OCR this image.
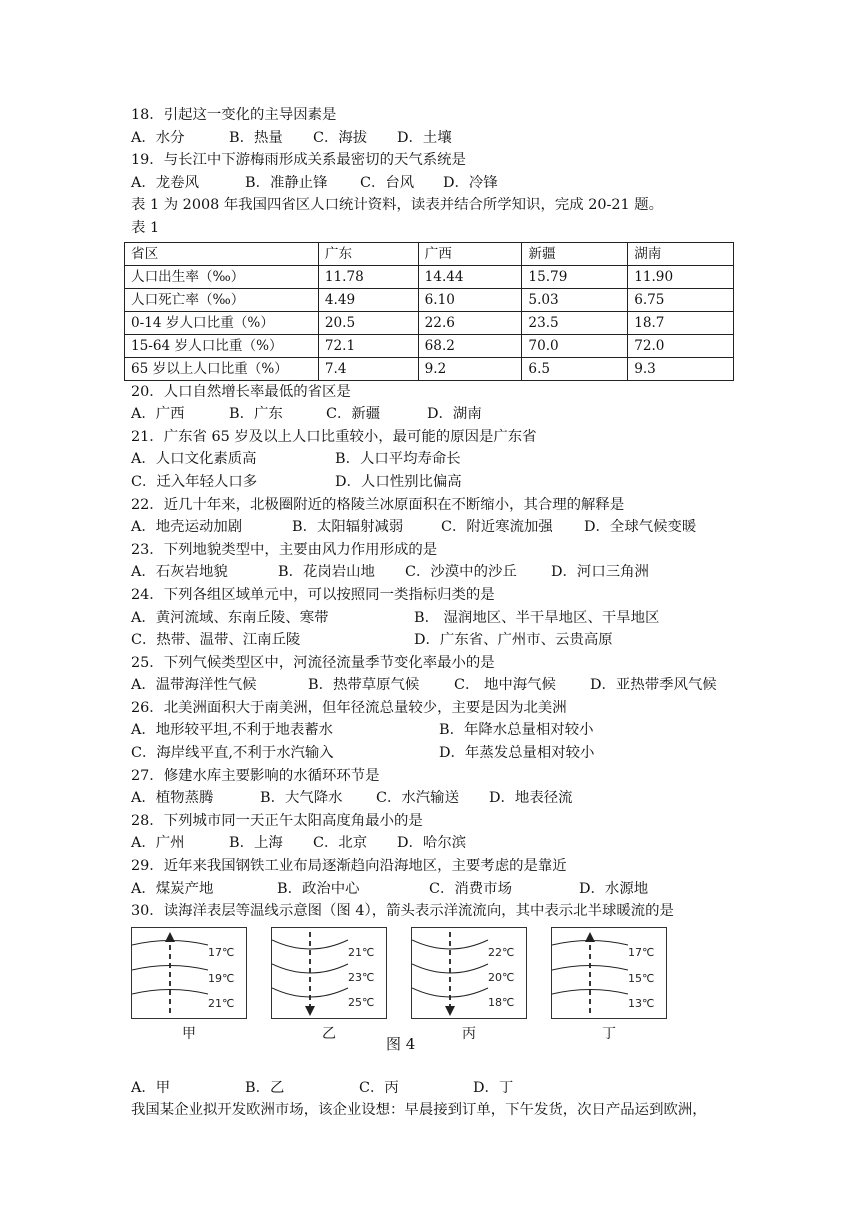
18．引起这一变化的主导因素是
A．水分	B．热量 C．海拔 D．土壤
19．与长江中下游梅雨形成关系最密切的天气系统是
A．龙卷风	B．准静止锋 C．台风 D．冷锋
表 1 为 2008 年我国四省区人口统计资料，读表并结合所学知识，完成 20-21 题。
表 1
省区	广东	广西	新疆	湖南
人口出生率（‰）	11.78	14.44	15.79	11.90
人口死亡率（‰）	4.49	6.10	5.03	6.75
0-14 岁人口比重（%）	20.5	22.6	23.5	18.7
15-64 岁人口比重（%）	72.1	68.2	70.0	72.0
65 岁以上人口比重（%）	7.4	9.2	6.5	9.3
20．人口自然增长率最低的省区是
A．广西	B．广东	C．新疆	D．湖南
21．广东省 65 岁及以上人口比重较小，最可能的原因是广东省
A．人口文化素质高	B．人口平均寿命长
C．迁入年轻人口多	D．人口性别比偏高
22．近几十年来，北极圈附近的格陵兰冰原面积在不断缩小，其合理的解释是
A．地壳运动加剧	B．太阳辐射减弱	C．附近寒流加强 D．全球气候变暖
23．下列地貌类型中，主要由风力作用形成的是
A．石灰岩地貌	B．花岗岩山地 C．沙漠中的沙丘 D．河口三角洲
24．下列各组区域单元中，可以按照同一类指标归类的是
A．黄河流域、东南丘陵、寒带	B． 湿润地区、半干旱地区、干旱地区
C．热带、温带、江南丘陵	D．广东省、广州市、云贵高原
25．下列气候类型区中，河流径流量季节变化率最小的是
A．温带海洋性气候	B．热带草原气候 C． 地中海气候 D．亚热带季风气候
26．北美洲面积大于南美洲，但年径流总量较少，主要是因为北美洲
A．地形较平坦,不利于地表蓄水	B．年降水总量相对较小
C．海岸线平直,不利于水汽输入	D．年蒸发总量相对较小
27．修建水库主要影响的水循环环节是
A．植物蒸腾	B．大气降水 C．水汽输送 D．地表径流
28．下列城市同一天正午太阳高度角最小的是
A．广州	B．上海 C．北京 D．哈尔滨
29．近年来我国钢铁工业布局逐渐趋向沿海地区，主要考虑的是靠近
A．煤炭产地	B．政治中心	C．消费市场	D．水源地
30．读海洋表层等温线示意图（图 4），箭头表示洋流流向，其中表示北半球暖流的是
17℃
19℃
21℃
甲
21℃
23℃
25℃
乙
22℃
20℃
18℃
丙
17℃
15℃
13℃
丁
图 4
A．甲	B．乙	C．丙	D．丁
我国某企业拟开发欧洲市场，该企业设想：早晨接到订单，下午发货，次日产品运到欧洲，
